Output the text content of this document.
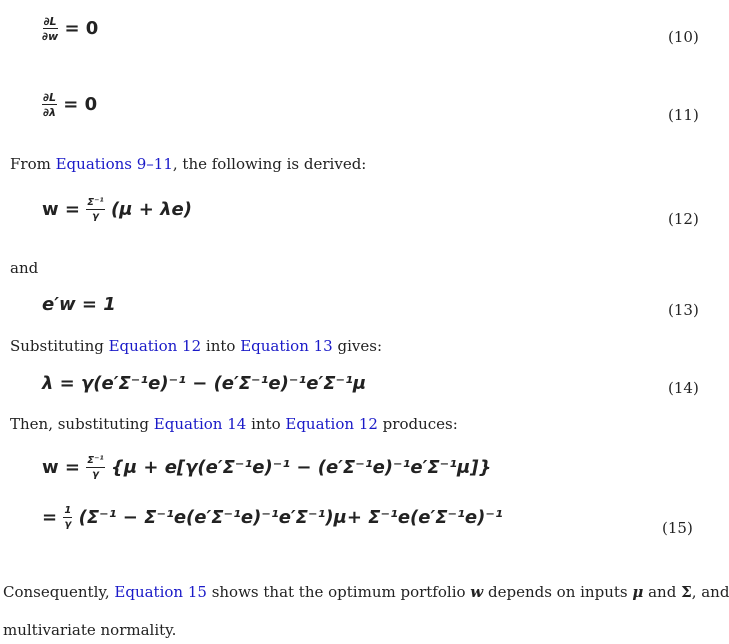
$\frac{\partial L}{\partial w} = 0$	(10)
$\frac{\partial L}{\partial\lambda} = 0$	(11)
From Equations 9–11, the following is derived:
$w = \frac{\text{Σ⁻¹}}{\gamma} (\mu + \lambda e)$	(12)
and
e′w = 1	(13)
Substituting Equation 12 into Equation 13 gives:
λ = γ(e′Σ⁻¹e)⁻¹ − (e′Σ⁻¹e)⁻¹e′Σ⁻¹μ	(14)
Then, substituting Equation 14 into Equation 12 produces:
$w = \frac{\text{Σ⁻¹}}{\gamma} \{\mu + e[\gamma(e'\Sigma^{-1}e)^{-1} - (e'\Sigma^{-1}e)^{-1}e'\Sigma^{-1}\mu]\}$
= $\frac{1}{\gamma} (\Sigma^{-1} - \Sigma^{-1}e(e'\Sigma^{-1}e)^{-1}e'\Sigma^{-1})\mu+ \Sigma^{-1}e(e'\Sigma^{-1}e)^{-1}$	(15)
Consequently, Equation 15 shows that the optimum portfolio w depends on inputs μ and Σ, and
multivariate normality.
